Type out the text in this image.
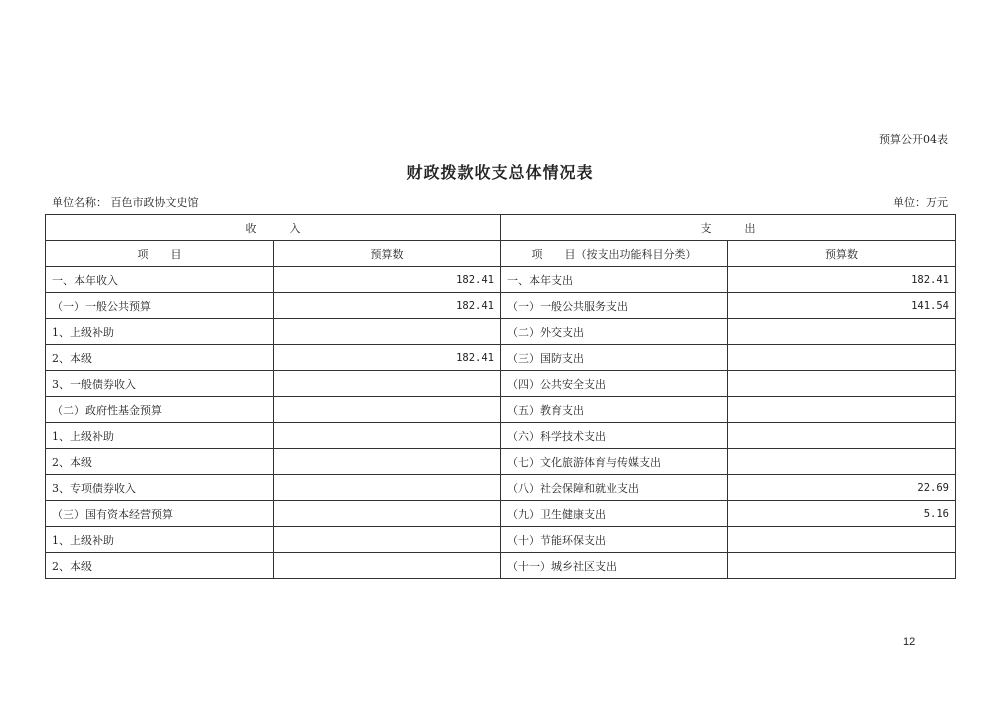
预算公开04表
财政拨款收支总体情况表
单位名称： 百色市政协文史馆	单位：万元
收　　　入		支　　　出	
项　　目	预算数	项　　目（按支出功能科目分类）	预算数
一、本年收入	182.41	一、本年支出	182.41
（一）一般公共预算	182.41	（一）一般公共服务支出	141.54
1、上级补助		（二）外交支出	
2、本级	182.41	（三）国防支出	
3、一般债券收入		（四）公共安全支出	
（二）政府性基金预算		（五）教育支出	
1、上级补助		（六）科学技术支出	
2、本级		（七）文化旅游体育与传媒支出	
3、专项债券收入		（八）社会保障和就业支出	22.69
（三）国有资本经营预算		（九）卫生健康支出	5.16
1、上级补助		（十）节能环保支出	
2、本级		（十一）城乡社区支出	
12
